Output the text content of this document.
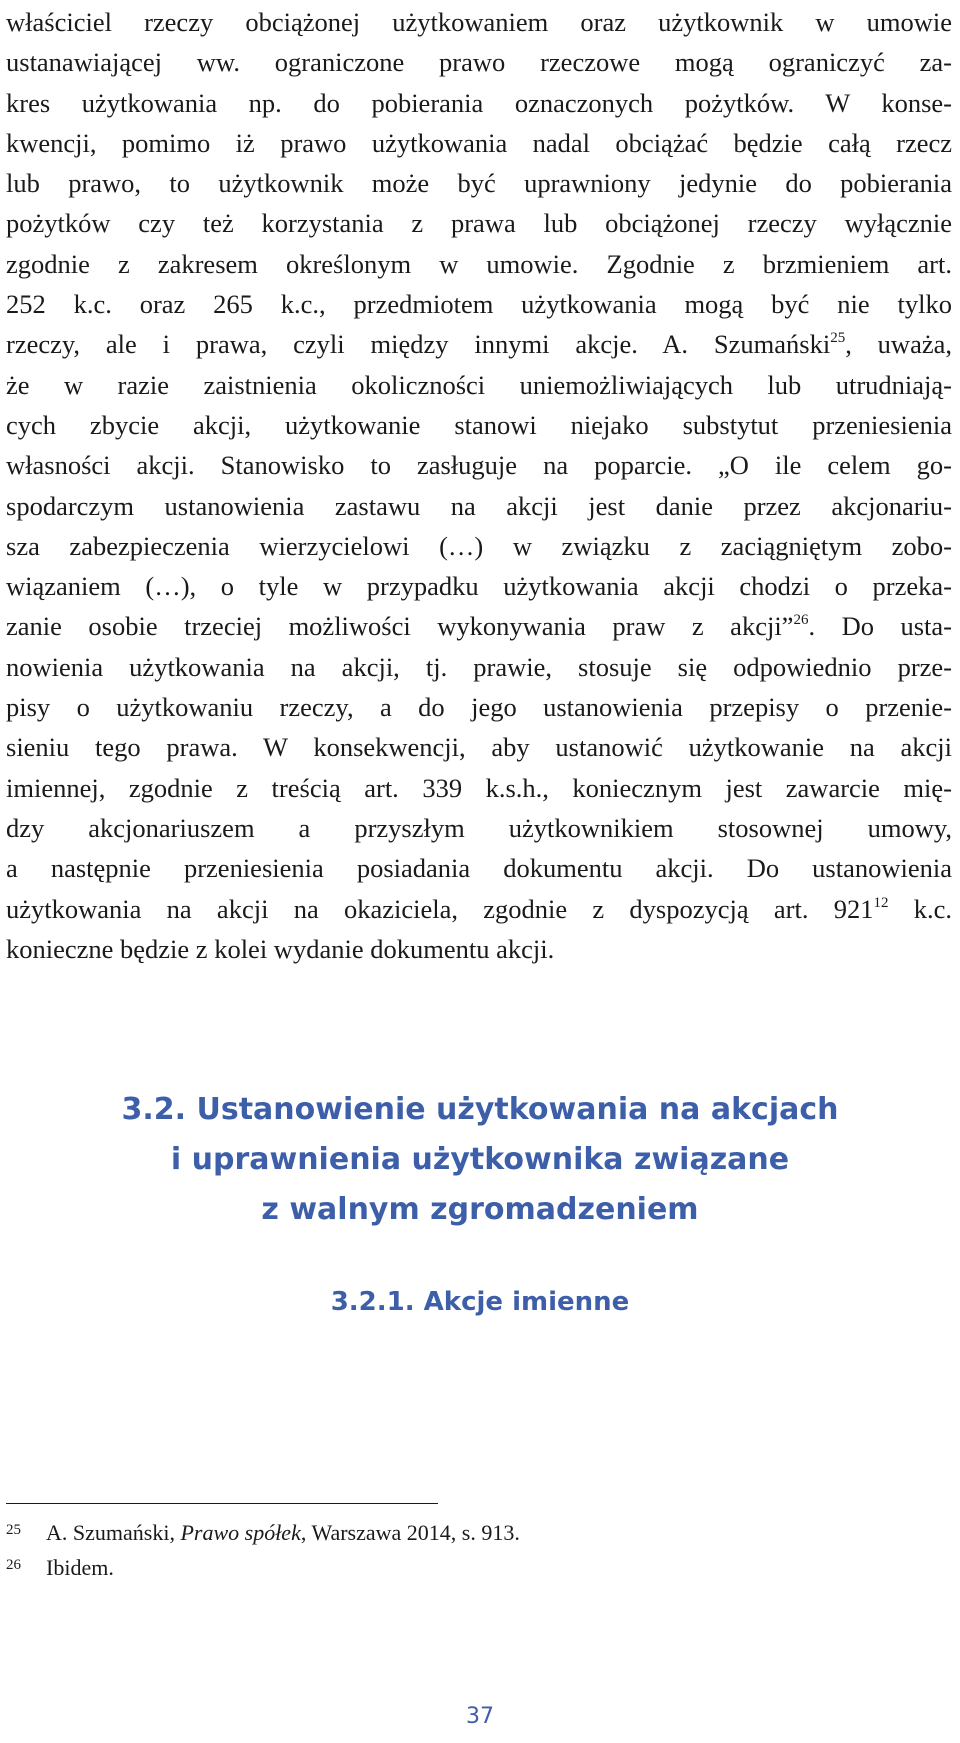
właściciel rzeczy obciążonej użytkowaniem oraz użytkownik w umowie
ustanawiającej ww. ograniczone prawo rzeczowe mogą ograniczyć za-
kres użytkowania np. do pobierania oznaczonych pożytków. W konse-
kwencji, pomimo iż prawo użytkowania nadal obciążać będzie całą rzecz
lub prawo, to użytkownik może być uprawniony jedynie do pobierania
pożytków czy też korzystania z prawa lub obciążonej rzeczy wyłącznie
zgodnie z zakresem określonym w umowie. Zgodnie z brzmieniem art.
252 k.c. oraz 265 k.c., przedmiotem użytkowania mogą być nie tylko
rzeczy, ale i prawa, czyli między innymi akcje. A. Szumański$^{25}$, uważa,
że w razie zaistnienia okoliczności uniemożliwiających lub utrudniają-
cych zbycie akcji, użytkowanie stanowi niejako substytut przeniesienia
własności akcji. Stanowisko to zasługuje na poparcie. „O ile celem go-
spodarczym ustanowienia zastawu na akcji jest danie przez akcjonariu-
sza zabezpieczenia wierzycielowi (…) w związku z zaciągniętym zobo-
wiązaniem (…), o tyle w przypadku użytkowania akcji chodzi o przeka-
zanie osobie trzeciej możliwości wykonywania praw z akcji”$^{26}$. Do usta-
nowienia użytkowania na akcji, tj. prawie, stosuje się odpowiednio prze-
pisy o użytkowaniu rzeczy, a do jego ustanowienia przepisy o przenie-
sieniu tego prawa. W konsekwencji, aby ustanowić użytkowanie na akcji
imiennej, zgodnie z treścią art. 339 k.s.h., koniecznym jest zawarcie mię-
dzy akcjonariuszem a przyszłym użytkownikiem stosownej umowy,
a następnie przeniesienia posiadania dokumentu akcji. Do ustanowienia
użytkowania na akcji na okaziciela, zgodnie z dyspozycją art. $921^{12}$ k.c.
konieczne będzie z kolei wydanie dokumentu akcji.
3.2. Ustanowienie użytkowania na akcjach
i uprawnienia użytkownika związane
z walnym zgromadzeniem
3.2.1. Akcje imienne
25	A. Szumański, Prawo spółek, Warszawa 2014, s. 913.
26	Ibidem.
37
